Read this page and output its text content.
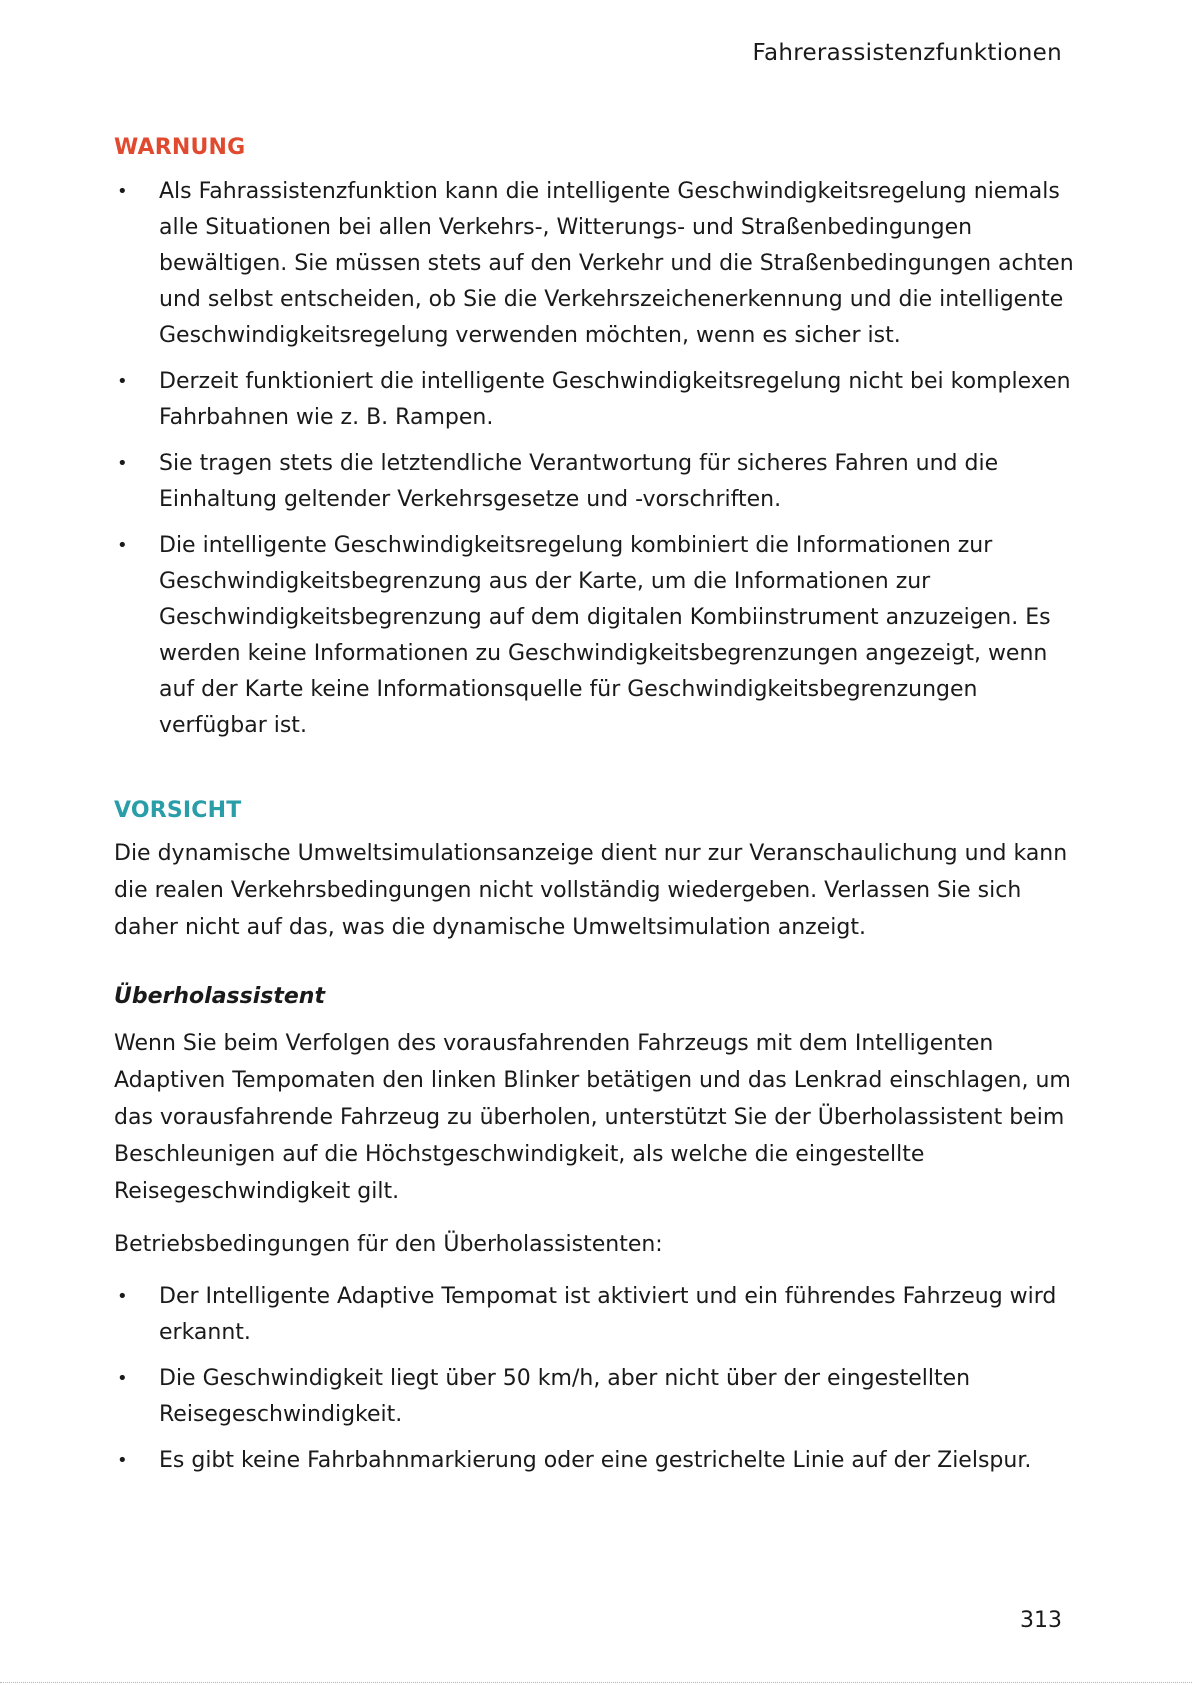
Fahrerassistenzfunktionen
WARNUNG
• Als Fahrassistenzfunktion kann die intelligente Geschwindigkeitsregelung niemals alle Situationen bei allen Verkehrs-, Witterungs- und Straßenbedingungen bewältigen. Sie müssen stets auf den Verkehr und die Straßenbedingungen achten und selbst entscheiden, ob Sie die Verkehrszeichenerkennung und die intelligente Geschwindigkeitsregelung verwenden möchten, wenn es sicher ist.
• Derzeit funktioniert die intelligente Geschwindigkeitsregelung nicht bei komplexen Fahrbahnen wie z. B. Rampen.
• Sie tragen stets die letztendliche Verantwortung für sicheres Fahren und die Einhaltung geltender Verkehrsgesetze und -vorschriften.
• Die intelligente Geschwindigkeitsregelung kombiniert die Informationen zur Geschwindigkeitsbegrenzung aus der Karte, um die Informationen zur Geschwindigkeitsbegrenzung auf dem digitalen Kombiinstrument anzuzeigen. Es werden keine Informationen zu Geschwindigkeitsbegrenzungen angezeigt, wenn auf der Karte keine Informationsquelle für Geschwindigkeitsbegrenzungen verfügbar ist.
VORSICHT

Die dynamische Umweltsimulationsanzeige dient nur zur Veranschaulichung und kann die realen Verkehrsbedingungen nicht vollständig wiedergeben. Verlassen Sie sich daher nicht auf das, was die dynamische Umweltsimulation anzeigt.

Überholassistent

Wenn Sie beim Verfolgen des vorausfahrenden Fahrzeugs mit dem Intelligenten Adaptiven Tempomaten den linken Blinker betätigen und das Lenkrad einschlagen, um das vorausfahrende Fahrzeug zu überholen, unterstützt Sie der Überholassistent beim Beschleunigen auf die Höchstgeschwindigkeit, als welche die eingestellte Reisegeschwindigkeit gilt.

Betriebsbedingungen für den Überholassistenten:

• Der Intelligente Adaptive Tempomat ist aktiviert und ein führendes Fahrzeug wird erkannt.
• Die Geschwindigkeit liegt über 50 km/h, aber nicht über der eingestellten Reisegeschwindigkeit.
• Es gibt keine Fahrbahnmarkierung oder eine gestrichelte Linie auf der Zielspur.
313
